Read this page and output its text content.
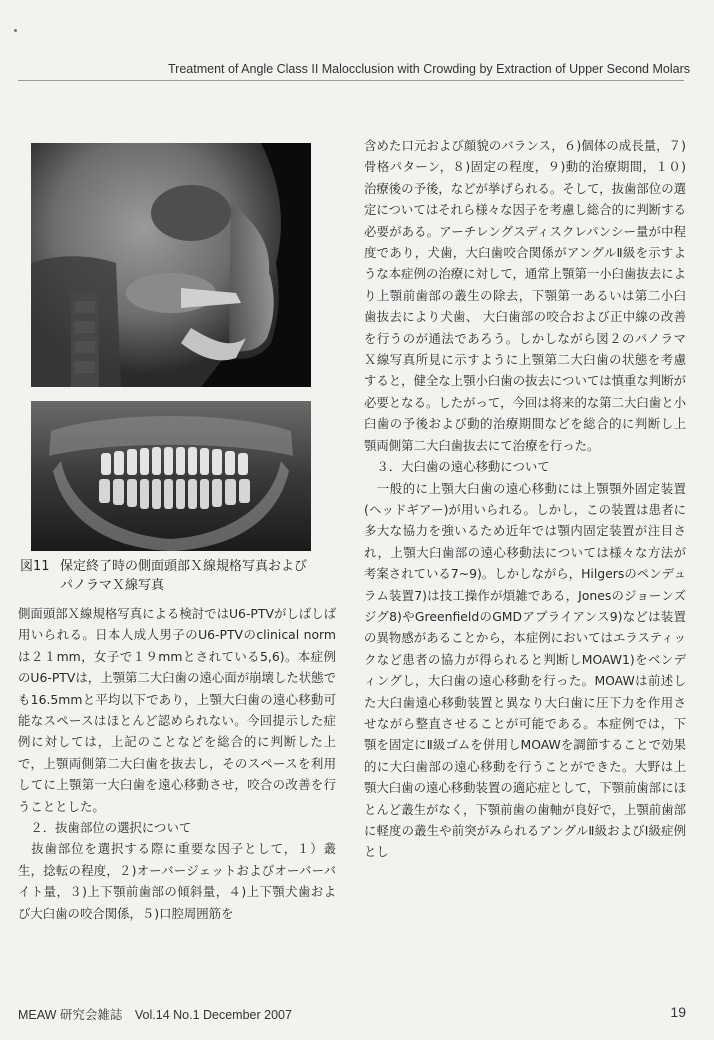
Treatment of Angle Class II Malocclusion with Crowding by Extraction of Upper Second Molars
図11 保定終了時の側面頭部Ｘ線規格写真および
パノラマＸ線写真

側面頭部Ｘ線規格写真による検討ではU6-PTVがしばしば用いられる。日本人成人男子のU6-PTVのclinical normは２１mm，女子で１９mmとされている5,6)。本症例のU6-PTVは，上顎第二大臼歯の遠心面が崩壊した状態でも16.5mmと平均以下であり，上顎大臼歯の遠心移動可能なスペースはほとんど認められない。今回提示した症例に対しては，上記のことなどを総合的に判断した上で，上顎両側第二大臼歯を抜去し，そのスペースを利用してに上顎第一大臼歯を遠心移動させ，咬合の改善を行うこととした。

　２．抜歯部位の選択について

　抜歯部位を選択する際に重要な因子として，１）叢生，捻転の程度，２)オーバージェットおよびオーバーバイト量，３)上下顎前歯部の傾斜量，４)上下顎犬歯および大臼歯の咬合関係，５)口腔周囲筋を

含めた口元および顔貌のバランス，６)個体の成長量，７)骨格パターン，８)固定の程度，９)動的治療期間，１０)治療後の予後，などが挙げられる。そして，抜歯部位の選定についてはそれら様々な因子を考慮し総合的に判断する必要がある。アーチレングスディスクレパンシー量が中程度であり，犬歯，大臼歯咬合関係がアングルⅡ級を示すような本症例の治療に対して，通常上顎第一小臼歯抜去により上顎前歯部の叢生の除去，下顎第一あるいは第二小臼歯抜去により犬歯、 大臼歯部の咬合および正中線の改善を行うのが通法であろう。しかしながら図２のパノラマＸ線写真所見に示すように上顎第二大臼歯の状態を考慮すると，健全な上顎小臼歯の抜去については慎重な判断が必要となる。したがって，今回は将来的な第二大臼歯と小臼歯の予後および動的治療期間などを総合的に判断し上顎両側第二大臼歯抜去にて治療を行った。

　３．大臼歯の遠心移動について

　一般的に上顎大臼歯の遠心移動には上顎顎外固定装置(ヘッドギアー)が用いられる。しかし，この装置は患者に多大な協力を強いるため近年では顎内固定装置が注目され，上顎大臼歯部の遠心移動法については様々な方法が考案されている7~9)。しかしながら，Hilgersのペンデュラム装置7)は技工操作が煩雑である，Jonesのジョーンズジグ8)やGreenfieldのGMDアプライアンス9)などは装置の異物感があることから，本症例においてはエラスティックなど患者の協力が得られると判断しMOAW1)をベンディングし，大臼歯の遠心移動を行った。MOAWは前述した大臼歯遠心移動装置と異なり大臼歯に圧下力を作用させながら整直させることが可能である。本症例では，下顎を固定にⅡ級ゴムを併用しMOAWを調節することで効果的に大臼歯部の遠心移動を行うことができた。大野は上顎大臼歯の遠心移動装置の適応症として，下顎前歯部にほとんど叢生がなく，下顎前歯の歯軸が良好で，上顎前歯部に軽度の叢生や前突がみられるアングルⅡ級およびⅠ級症例とし

MEAW 研究会雑誌　Vol.14 No.1 December 2007	19
